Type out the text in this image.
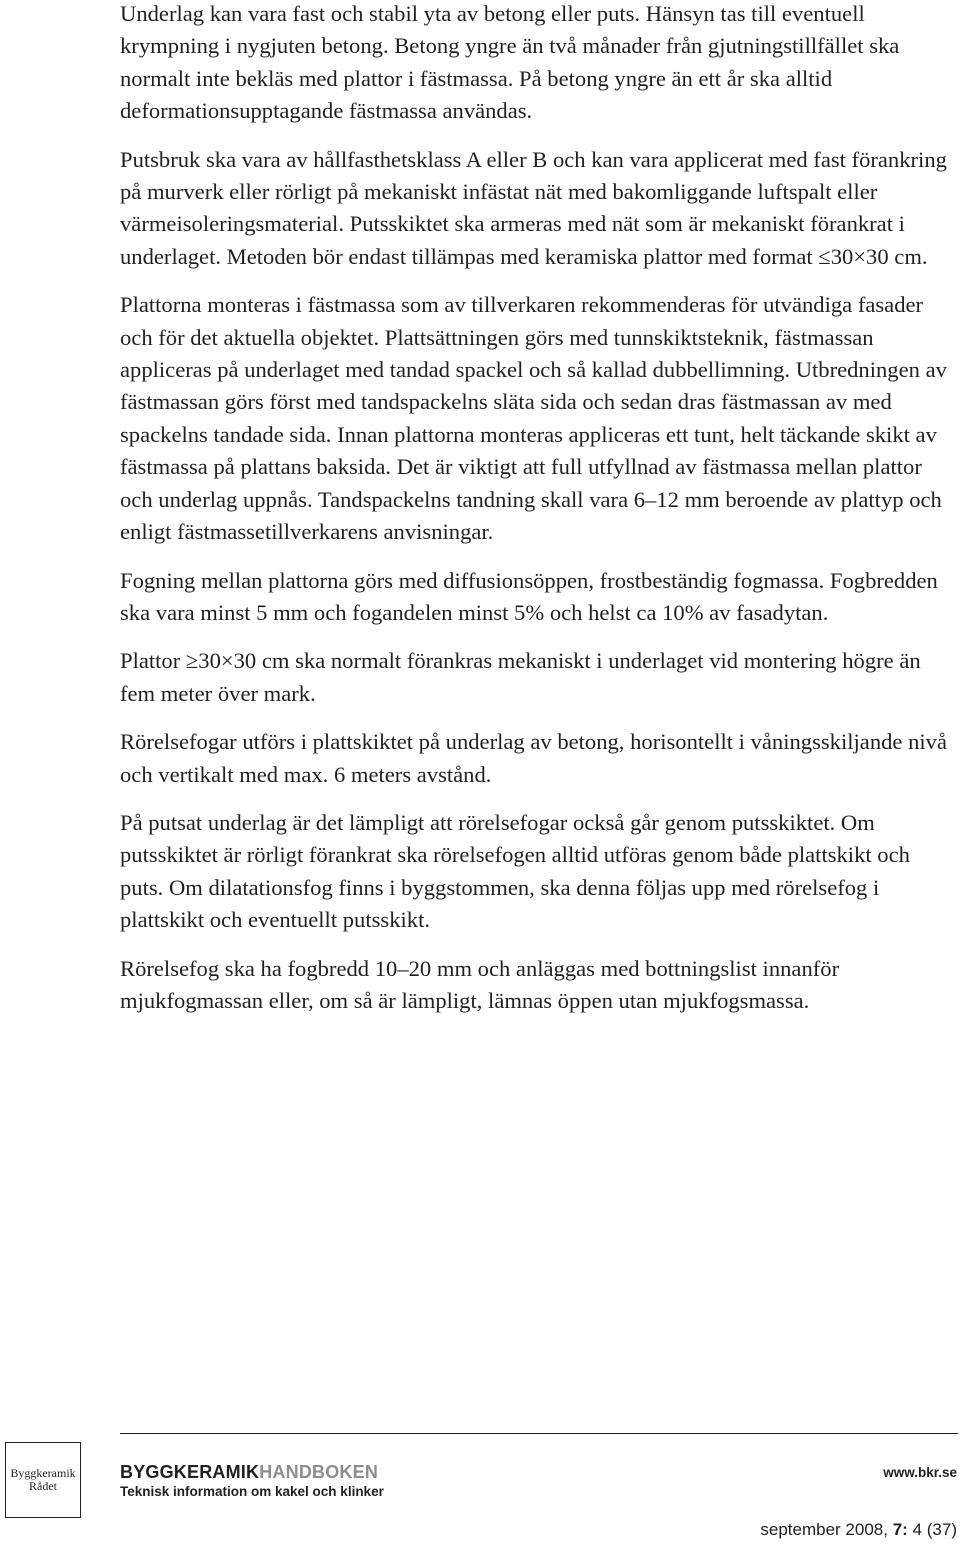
Underlag kan vara fast och stabil yta av betong eller puts. Hänsyn tas till eventuell krympning i nygjuten betong. Betong yngre än två månader från gjutningstillfället ska normalt inte bekläs med plattor i fästmassa. På betong yngre än ett år ska alltid deformationsupptagande fästmassa användas.

Putsbruk ska vara av hållfasthetsklass A eller B och kan vara applicerat med fast förankring på murverk eller rörligt på mekaniskt infästat nät med bakomliggande luftspalt eller värmeisoleringsmaterial. Putsskiktet ska armeras med nät som är mekaniskt förankrat i underlaget. Metoden bör endast tillämpas med keramiska plattor med format ≤30×30 cm.

Plattorna monteras i fästmassa som av tillverkaren rekommenderas för utvändiga fasader och för det aktuella objektet. Plattsättningen görs med tunnskiktsteknik, fästmassan appliceras på underlaget med tandad spackel och så kallad dubbellimning. Utbredningen av fästmassan görs först med tandspackelns släta sida och sedan dras fästmassan av med spackelns tandade sida. Innan plattorna monteras appliceras ett tunt, helt täckande skikt av fästmassa på plattans baksida. Det är viktigt att full utfyllnad av fästmassa mellan plattor och underlag uppnås. Tandspackelns tandning skall vara 6–12 mm beroende av plattyp och enligt fästmassetillverkarens anvisningar.

Fogning mellan plattorna görs med diffusionsöppen, frostbeständig fogmassa. Fogbredden ska vara minst 5 mm och fogandelen minst 5% och helst ca 10% av fasadytan.

Plattor ≥30×30 cm ska normalt förankras mekaniskt i underlaget vid montering högre än fem meter över mark.

Rörelsefogar utförs i plattskiktet på underlag av betong, horisontellt i våningsskiljande nivå och vertikalt med max. 6 meters avstånd.

På putsat underlag är det lämpligt att rörelsefogar också går genom putsskiktet. Om putsskiktet är rörligt förankrat ska rörelsefogen alltid utföras genom både plattskikt och puts. Om dilatationsfog finns i byggstommen, ska denna följas upp med rörelsefog i plattskikt och eventuellt putsskikt.

Rörelsefog ska ha fogbredd 10–20 mm och anläggas med bottningslist innanför mjukfogmassan eller, om så är lämpligt, lämnas öppen utan mjukfogsmassa.

Byggkeramik
Rådet
BYGGKERAMIKHANDBOKEN
Teknisk information om kakel och klinker
www.bkr.se
september 2008, 7: 4 (37)
